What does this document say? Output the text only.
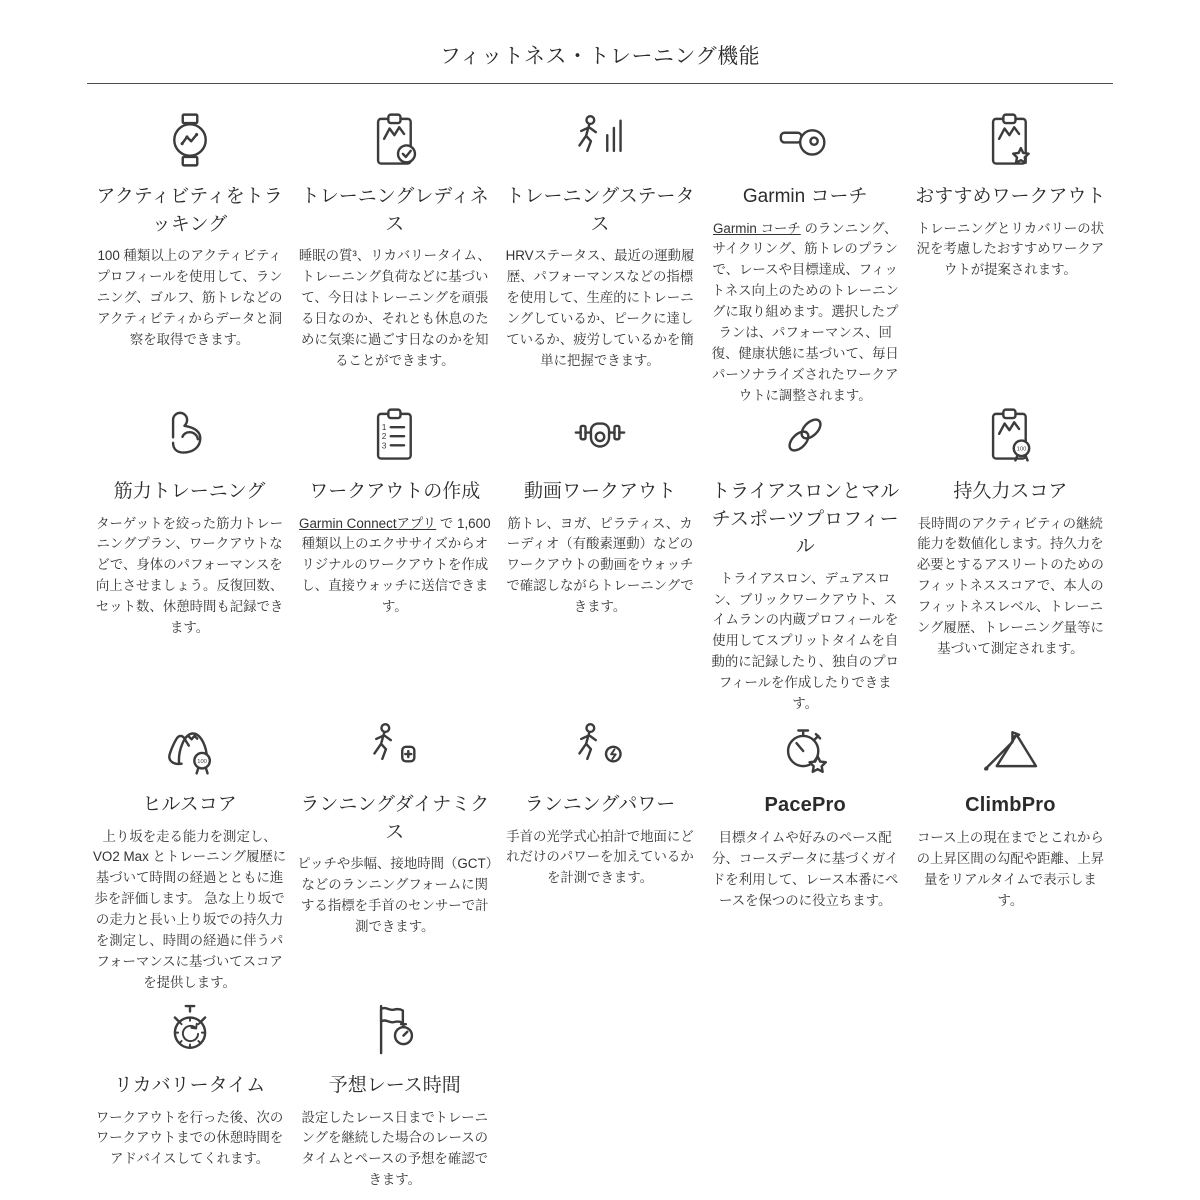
フィットネス・トレーニング機能
アクティビティをトラッキング

100 種類以上のアクティビティプロフィールを使用して、ランニング、ゴルフ、筋トレなどのアクティビティからデータと洞察を取得できます。

トレーニングレディネス

睡眠の質³、リカバリータイム、トレーニング負荷などに基づいて、今日はトレーニングを頑張る日なのか、それとも休息のために気楽に過ごす日なのかを知ることができます。

トレーニングステータス

HRVステータス、最近の運動履歴、パフォーマンスなどの指標を使用して、生産的にトレーニングしているか、ピークに達しているか、疲労しているかを簡単に把握できます。

Garmin コーチ

Garmin コーチ のランニング、サイクリング、筋トレのプランで、レースや目標達成、フィットネス向上のためのトレーニングに取り組めます。選択したプランは、パフォーマンス、回復、健康状態に基づいて、毎日パーソナライズされたワークアウトに調整されます。

おすすめワークアウト

トレーニングとリカバリーの状況を考慮したおすすめワークアウトが提案されます。

筋力トレーニング

ターゲットを絞った筋力トレーニングプラン、ワークアウトなどで、身体のパフォーマンスを向上させましょう。反復回数、セット数、休憩時間も記録できます。

1
2
3
ワークアウトの作成

Garmin Connectアプリ で 1,600 種類以上のエクササイズからオリジナルのワークアウトを作成し、直接ウォッチに送信できます。

動画ワークアウト

筋トレ、ヨガ、ピラティス、カーディオ（有酸素運動）などのワークアウトの動画をウォッチで確認しながらトレーニングできます。

トライアスロンとマルチスポーツプロフィール

トライアスロン、デュアスロン、ブリックワークアウト、スイムランの内蔵プロフィールを使用してスプリットタイムを自動的に記録したり、独自のプロフィールを作成したりできます。

100
持久力スコア

長時間のアクティビティの継続能力を数値化します。持久力を必要とするアスリートのためのフィットネススコアで、本人のフィットネスレベル、トレーニング履歴、トレーニング量等に基づいて測定されます。

100
ヒルスコア

上り坂を走る能力を測定し、VO2 Max とトレーニング履歴に基づいて時間の経過とともに進歩を評価します。 急な上り坂での走力と長い上り坂での持久力を測定し、時間の経過に伴うパフォーマンスに基づいてスコアを提供します。

ランニングダイナミクス

ピッチや歩幅、接地時間（GCT）などのランニングフォームに関する指標を手首のセンサーで計測できます。

ランニングパワー

手首の光学式心拍計で地面にどれだけのパワーを加えているかを計測できます。

PacePro

目標タイムや好みのペース配分、コースデータに基づくガイドを利用して、レース本番にペースを保つのに役立ちます。

ClimbPro

コース上の現在までとこれからの上昇区間の勾配や距離、上昇量をリアルタイムで表示します。

リカバリータイム

ワークアウトを行った後、次のワークアウトまでの休憩時間をアドバイスしてくれます。

予想レース時間

設定したレース日までトレーニングを継続した場合のレースのタイムとペースの予想を確認できます。
